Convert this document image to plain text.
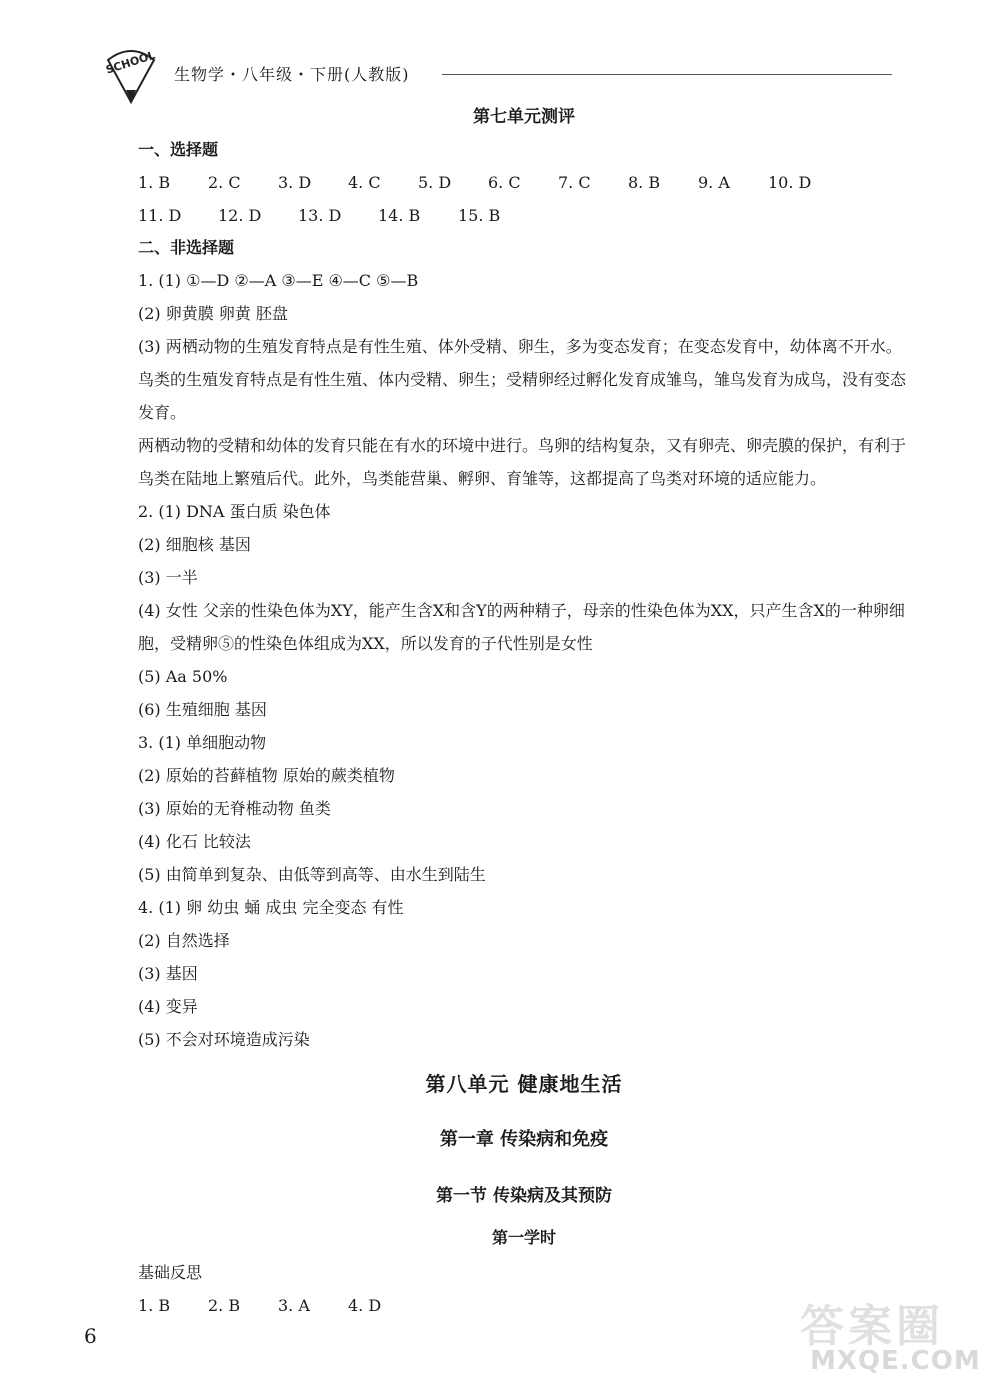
SCHOOL 生物学・八年级・下册(人教版)

第七单元测评

一、选择题

1. B 2. C 3. D 4. C 5. D 6. C 7. C 8. B 9. A 10. D

11. D 12. D 13. D 14. B 15. B

二、非选择题

1. (1) ①—D ②—A ③—E ④—C ⑤—B

(2) 卵黄膜 卵黄 胚盘

(3) 两栖动物的生殖发育特点是有性生殖、体外受精、卵生，多为变态发育；在变态发育中，幼体离不开水。鸟类的生殖发育特点是有性生殖、体内受精、卵生；受精卵经过孵化发育成雏鸟，雏鸟发育为成鸟，没有变态发育。

两栖动物的受精和幼体的发育只能在有水的环境中进行。鸟卵的结构复杂，又有卵壳、卵壳膜的保护，有利于鸟类在陆地上繁殖后代。此外，鸟类能营巢、孵卵、育雏等，这都提高了鸟类对环境的适应能力。

2. (1) DNA 蛋白质 染色体

(2) 细胞核 基因

(3) 一半

(4) 女性 父亲的性染色体为XY，能产生含X和含Y的两种精子，母亲的性染色体为XX，只产生含X的一种卵细胞，受精卵⑤的性染色体组成为XX，所以发育的子代性别是女性

(5) Aa 50%

(6) 生殖细胞 基因

3. (1) 单细胞动物

(2) 原始的苔藓植物 原始的蕨类植物

(3) 原始的无脊椎动物 鱼类

(4) 化石 比较法

(5) 由简单到复杂、由低等到高等、由水生到陆生

4. (1) 卵 幼虫 蛹 成虫 完全变态 有性

(2) 自然选择

(3) 基因

(4) 变异

(5) 不会对环境造成污染

第八单元 健康地生活

第一章 传染病和免疫

第一节 传染病及其预防

第一学时

基础反思

1. B 2. B 3. A 4. D

6	答案圈
MXQE.COM
